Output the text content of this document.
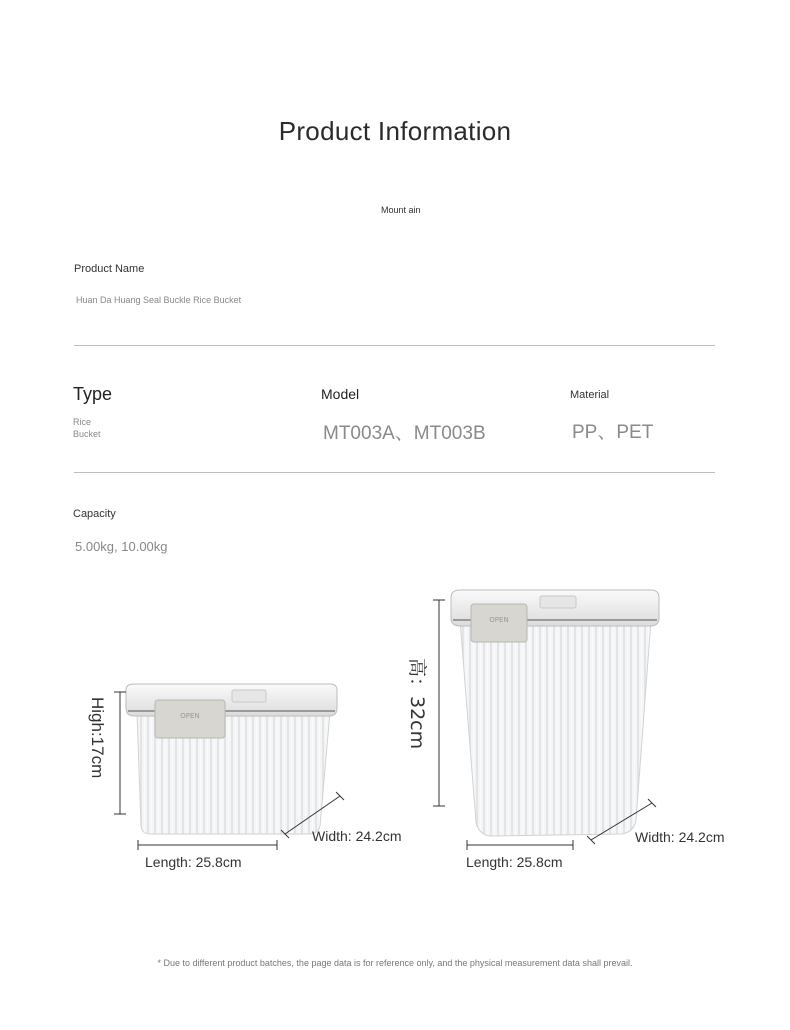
Product Information
Mount ain
Product Name
Huan Da Huang Seal Buckle Rice Bucket
Type
Rice Bucket
Model
MT003A、MT003B
Material
PP、PET
Capacity
5.00kg, 10.00kg
OPEN
OPEN
High:17cm	高：32cm
Width: 24.2cm
Length: 25.8cm
Width: 24.2cm
Length: 25.8cm
* Due to different product batches, the page data is for reference only, and the physical measurement data shall prevail.
